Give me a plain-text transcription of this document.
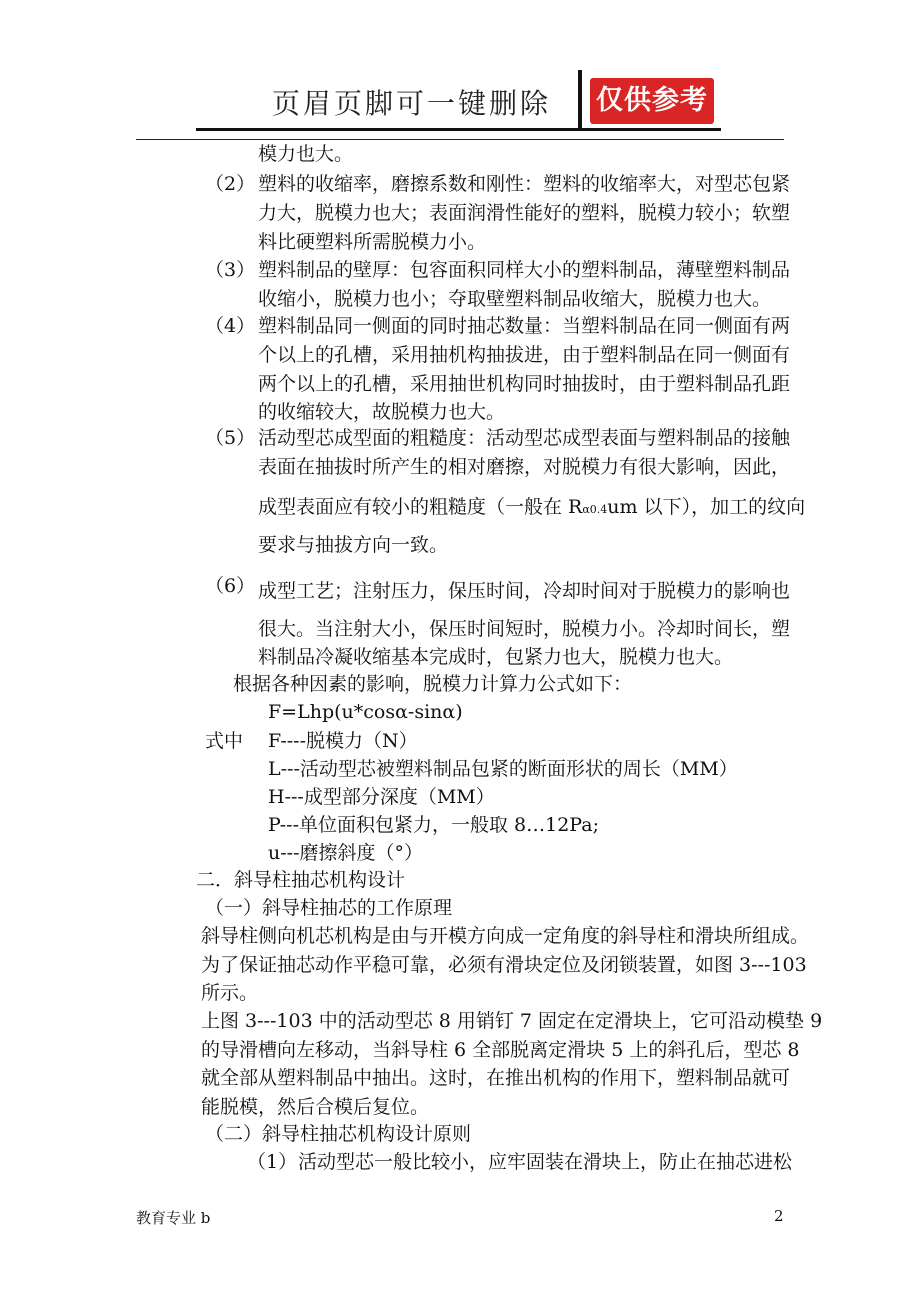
页眉页脚可一键删除 仅供参考
模力也大。
（2） 塑料的收缩率，磨擦系数和刚性：塑料的收缩率大，对型芯包紧
力大，脱模力也大；表面润滑性能好的塑料，脱模力较小；软塑
料比硬塑料所需脱模力小。
（3） 塑料制品的壁厚：包容面积同样大小的塑料制品，薄壁塑料制品
收缩小，脱模力也小；夺取壁塑料制品收缩大，脱模力也大。
（4） 塑料制品同一侧面的同时抽芯数量：当塑料制品在同一侧面有两
个以上的孔槽，采用抽机构抽拔进，由于塑料制品在同一侧面有
两个以上的孔槽，采用抽世机构同时抽拔时，由于塑料制品孔距
的收缩较大，故脱模力也大。
（5） 活动型芯成型面的粗糙度：活动型芯成型表面与塑料制品的接触
表面在抽拔时所产生的相对磨擦，对脱模力有很大影响，因此，
成型表面应有较小的粗糙度（一般在 Rα0.4um 以下），加工的纹向
要求与抽拔方向一致。
（6） 成型工艺；注射压力，保压时间，冷却时间对于脱模力的影响也
很大。当注射大小，保压时间短时，脱模力小。冷却时间长，塑
料制品冷凝收缩基本完成时，包紧力也大，脱模力也大。
根据各种因素的影响，脱模力计算力公式如下：
F=Lhp(u*cosα-sinα)
式中 F----脱模力（N）
L---活动型芯被塑料制品包紧的断面形状的周长（MM）
H---成型部分深度（MM）
P---单位面积包紧力，一般取 8…12Pa;
u---磨擦斜度（°）
二．斜导柱抽芯机构设计
（一）斜导柱抽芯的工作原理
斜导柱侧向机芯机构是由与开模方向成一定角度的斜导柱和滑块所组成。
为了保证抽芯动作平稳可靠，必须有滑块定位及闭锁装置，如图 3---103
所示。
上图 3---103 中的活动型芯 8 用销钉 7 固定在定滑块上，它可沿动模垫 9
的导滑槽向左移动，当斜导柱 6 全部脱离定滑块 5 上的斜孔后，型芯 8
就全部从塑料制品中抽出。这时，在推出机构的作用下，塑料制品就可
能脱模，然后合模后复位。
（二）斜导柱抽芯机构设计原则
（1） 活动型芯一般比较小，应牢固装在滑块上，防止在抽芯进松
教育专业 b	2
